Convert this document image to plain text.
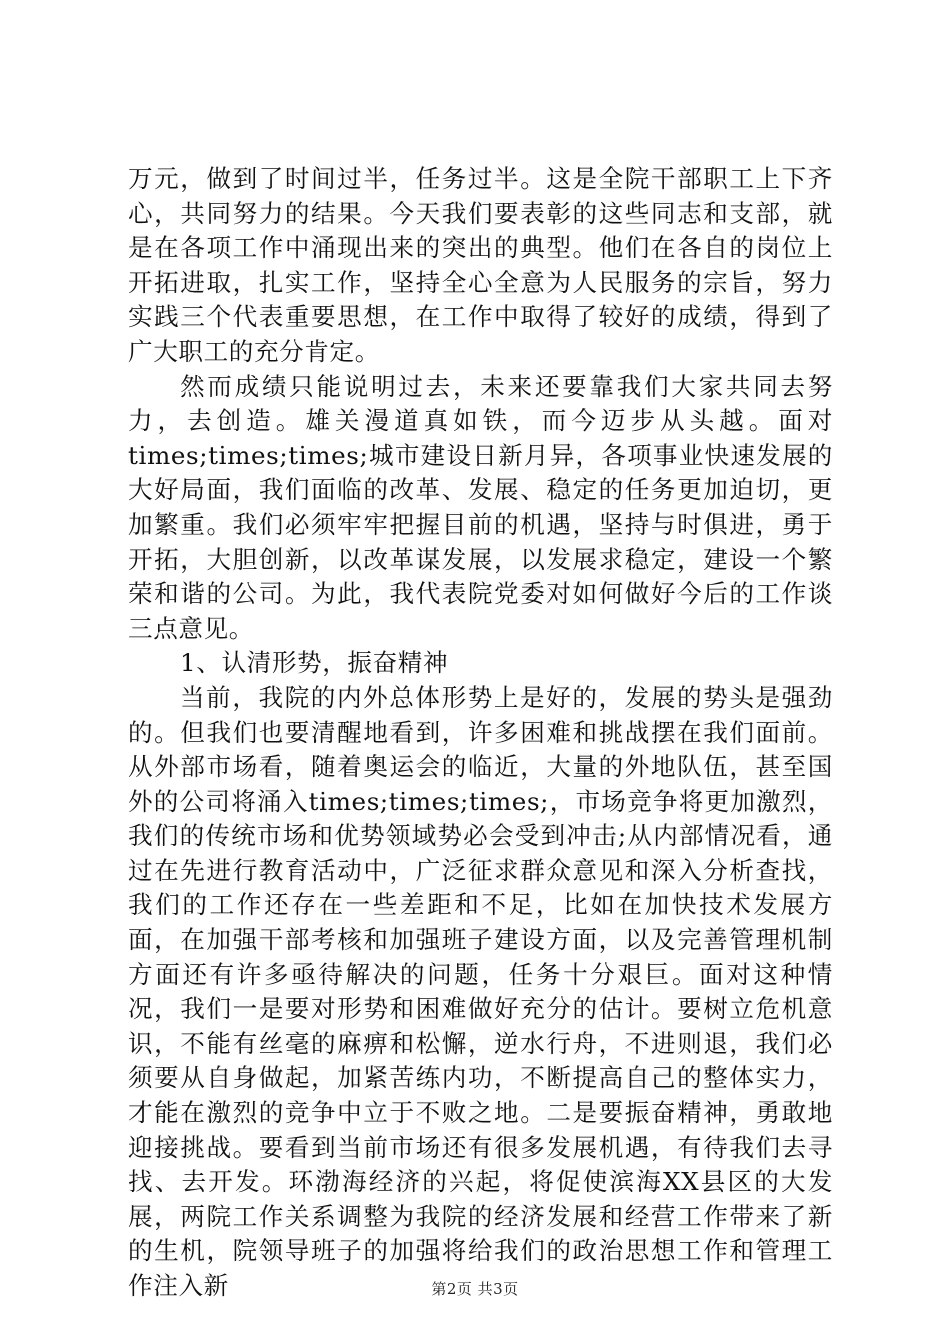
万元，做到了时间过半，任务过半。这是全院干部职工上下齐心，共同努力的结果。今天我们要表彰的这些同志和支部，就是在各项工作中涌现出来的突出的典型。他们在各自的岗位上开拓进取，扎实工作，坚持全心全意为人民服务的宗旨，努力实践三个代表重要思想，在工作中取得了较好的成绩，得到了广大职工的充分肯定。

然而成绩只能说明过去，未来还要靠我们大家共同去努力，去创造。雄关漫道真如铁，而今迈步从头越。面对times;times;times;城市建设日新月异，各项事业快速发展的大好局面，我们面临的改革、发展、稳定的任务更加迫切，更加繁重。我们必须牢牢把握目前的机遇，坚持与时俱进，勇于开拓，大胆创新，以改革谋发展，以发展求稳定，建设一个繁荣和谐的公司。为此，我代表院党委对如何做好今后的工作谈三点意见。

1、认清形势，振奋精神

当前，我院的内外总体形势上是好的，发展的势头是强劲的。但我们也要清醒地看到，许多困难和挑战摆在我们面前。从外部市场看，随着奥运会的临近，大量的外地队伍，甚至国外的公司将涌入times;times;times;，市场竞争将更加激烈，我们的传统市场和优势领域势必会受到冲击;从内部情况看，通过在先进行教育活动中，广泛征求群众意见和深入分析查找，我们的工作还存在一些差距和不足，比如在加快技术发展方面，在加强干部考核和加强班子建设方面，以及完善管理机制方面还有许多亟待解决的问题，任务十分艰巨。面对这种情况，我们一是要对形势和困难做好充分的估计。要树立危机意识，不能有丝毫的麻痹和松懈，逆水行舟，不进则退，我们必须要从自身做起，加紧苦练内功，不断提高自己的整体实力，才能在激烈的竞争中立于不败之地。二是要振奋精神，勇敢地迎接挑战。要看到当前市场还有很多发展机遇，有待我们去寻找、去开发。环渤海经济的兴起，将促使滨海XX县区的大发展，两院工作关系调整为我院的经济发展和经营工作带来了新的生机，院领导班子的加强将给我们的政治思想工作和管理工作注入新	第2页 共3页
